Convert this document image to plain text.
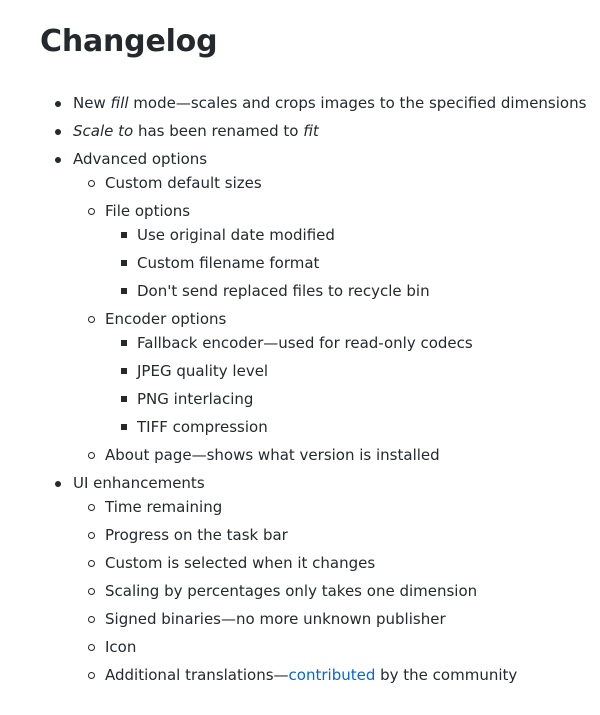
Changelog
New fill mode—scales and crops images to the specified dimensions
Scale to has been renamed to fit
Advanced options
Custom default sizes
File options
Use original date modified
Custom filename format
Don't send replaced files to recycle bin
Encoder options
Fallback encoder—used for read-only codecs
JPEG quality level
PNG interlacing
TIFF compression
About page—shows what version is installed
UI enhancements
Time remaining
Progress on the task bar
Custom is selected when it changes
Scaling by percentages only takes one dimension
Signed binaries—no more unknown publisher
Icon
Additional translations—contributed by the community
